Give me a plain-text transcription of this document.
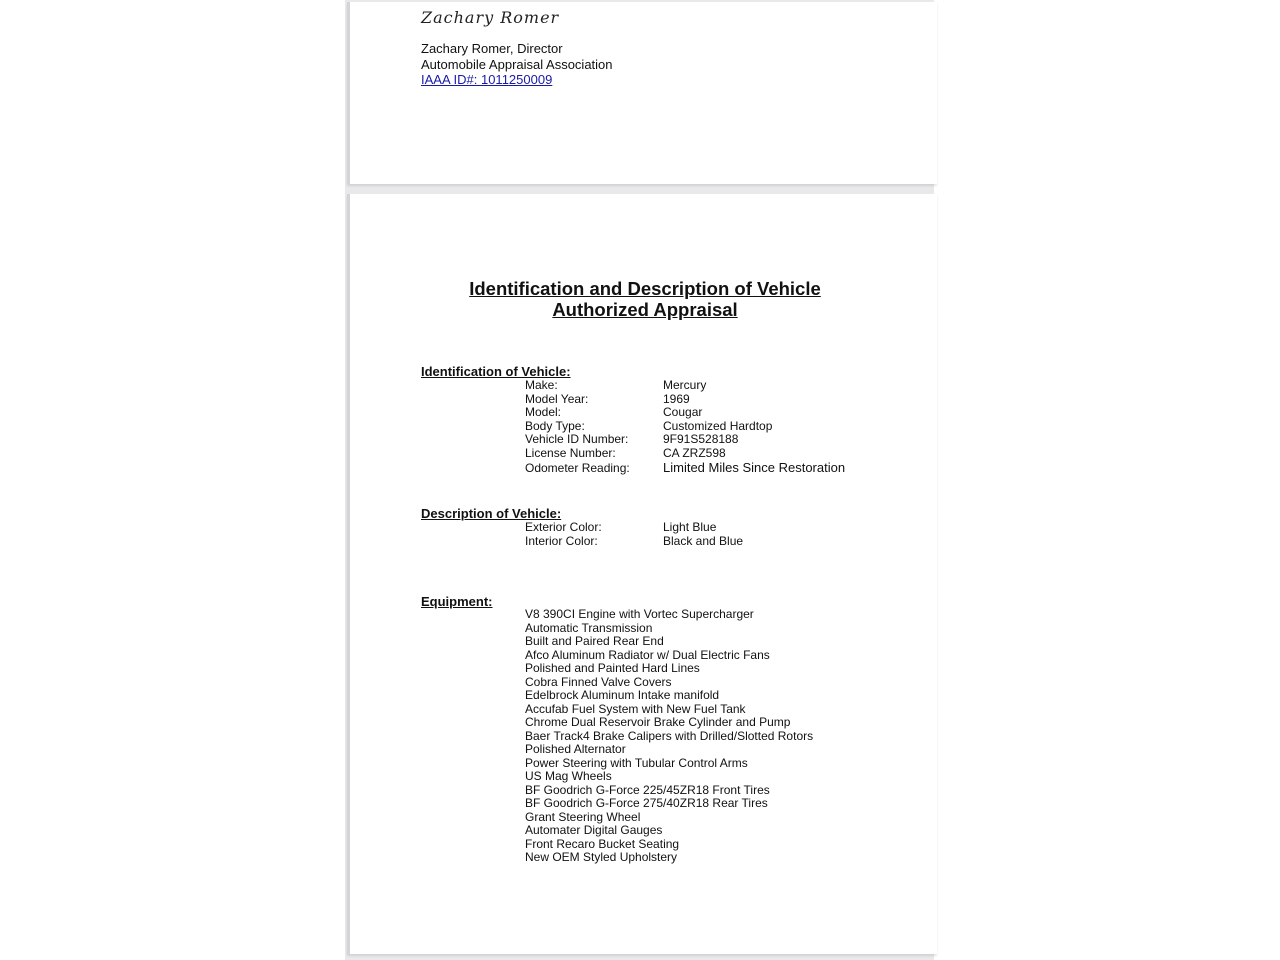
Zachary Romer
Zachary Romer, Director
Automobile Appraisal Association
IAAA ID#: 1011250009
Identification and Description of Vehicle
Authorized Appraisal
Identification of Vehicle:
Make:	Mercury
Model Year:	1969
Model:	Cougar
Body Type:	Customized Hardtop
Vehicle ID Number:	9F91S528188
License Number:	CA ZRZ598
Odometer Reading:	Limited Miles Since Restoration
Description of Vehicle:
Exterior Color:	Light Blue
Interior Color:	Black and Blue
Equipment:
V8 390CI Engine with Vortec Supercharger
Automatic Transmission
Built and Paired Rear End
Afco Aluminum Radiator w/ Dual Electric Fans
Polished and Painted Hard Lines
Cobra Finned Valve Covers
Edelbrock Aluminum Intake manifold
Accufab Fuel System with New Fuel Tank
Chrome Dual Reservoir Brake Cylinder and Pump
Baer Track4 Brake Calipers with Drilled/Slotted Rotors
Polished Alternator
Power Steering with Tubular Control Arms
US Mag Wheels
BF Goodrich G-Force 225/45ZR18 Front Tires
BF Goodrich G-Force 275/40ZR18 Rear Tires
Grant Steering Wheel
Automater Digital Gauges
Front Recaro Bucket Seating
New OEM Styled Upholstery
